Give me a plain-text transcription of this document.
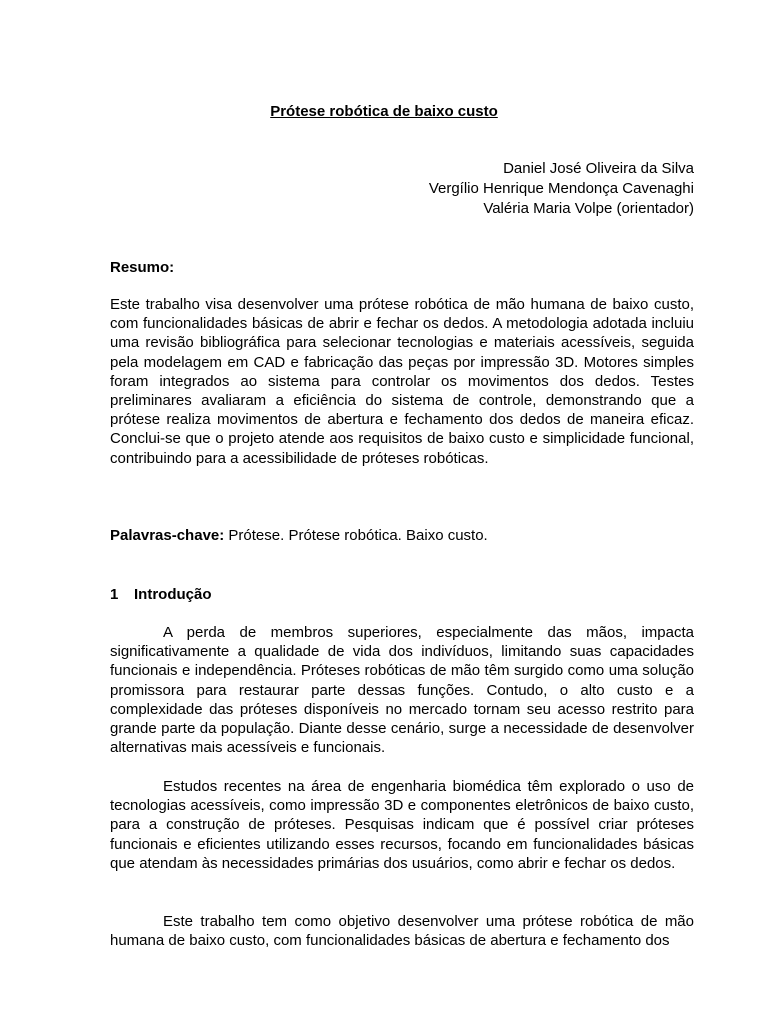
Prótese robótica de baixo custo
Daniel José Oliveira da Silva
Vergílio Henrique Mendonça Cavenaghi
Valéria Maria Volpe (orientador)
Resumo:
Este trabalho visa desenvolver uma prótese robótica de mão humana de baixo custo, com funcionalidades básicas de abrir e fechar os dedos. A metodologia adotada incluiu uma revisão bibliográfica para selecionar tecnologias e materiais acessíveis, seguida pela modelagem em CAD e fabricação das peças por impressão 3D. Motores simples foram integrados ao sistema para controlar os movimentos dos dedos. Testes preliminares avaliaram a eficiência do sistema de controle, demonstrando que a prótese realiza movimentos de abertura e fechamento dos dedos de maneira eficaz. Conclui-se que o projeto atende aos requisitos de baixo custo e simplicidade funcional, contribuindo para a acessibilidade de próteses robóticas.
Palavras-chave: Prótese. Prótese robótica. Baixo custo.
1 Introdução
A perda de membros superiores, especialmente das mãos, impacta significativamente a qualidade de vida dos indivíduos, limitando suas capacidades funcionais e independência. Próteses robóticas de mão têm surgido como uma solução promissora para restaurar parte dessas funções. Contudo, o alto custo e a complexidade das próteses disponíveis no mercado tornam seu acesso restrito para grande parte da população. Diante desse cenário, surge a necessidade de desenvolver alternativas mais acessíveis e funcionais.
Estudos recentes na área de engenharia biomédica têm explorado o uso de tecnologias acessíveis, como impressão 3D e componentes eletrônicos de baixo custo, para a construção de próteses. Pesquisas indicam que é possível criar próteses funcionais e eficientes utilizando esses recursos, focando em funcionalidades básicas que atendam às necessidades primárias dos usuários, como abrir e fechar os dedos.
Este trabalho tem como objetivo desenvolver uma prótese robótica de mão humana de baixo custo, com funcionalidades básicas de abertura e fechamento dos
